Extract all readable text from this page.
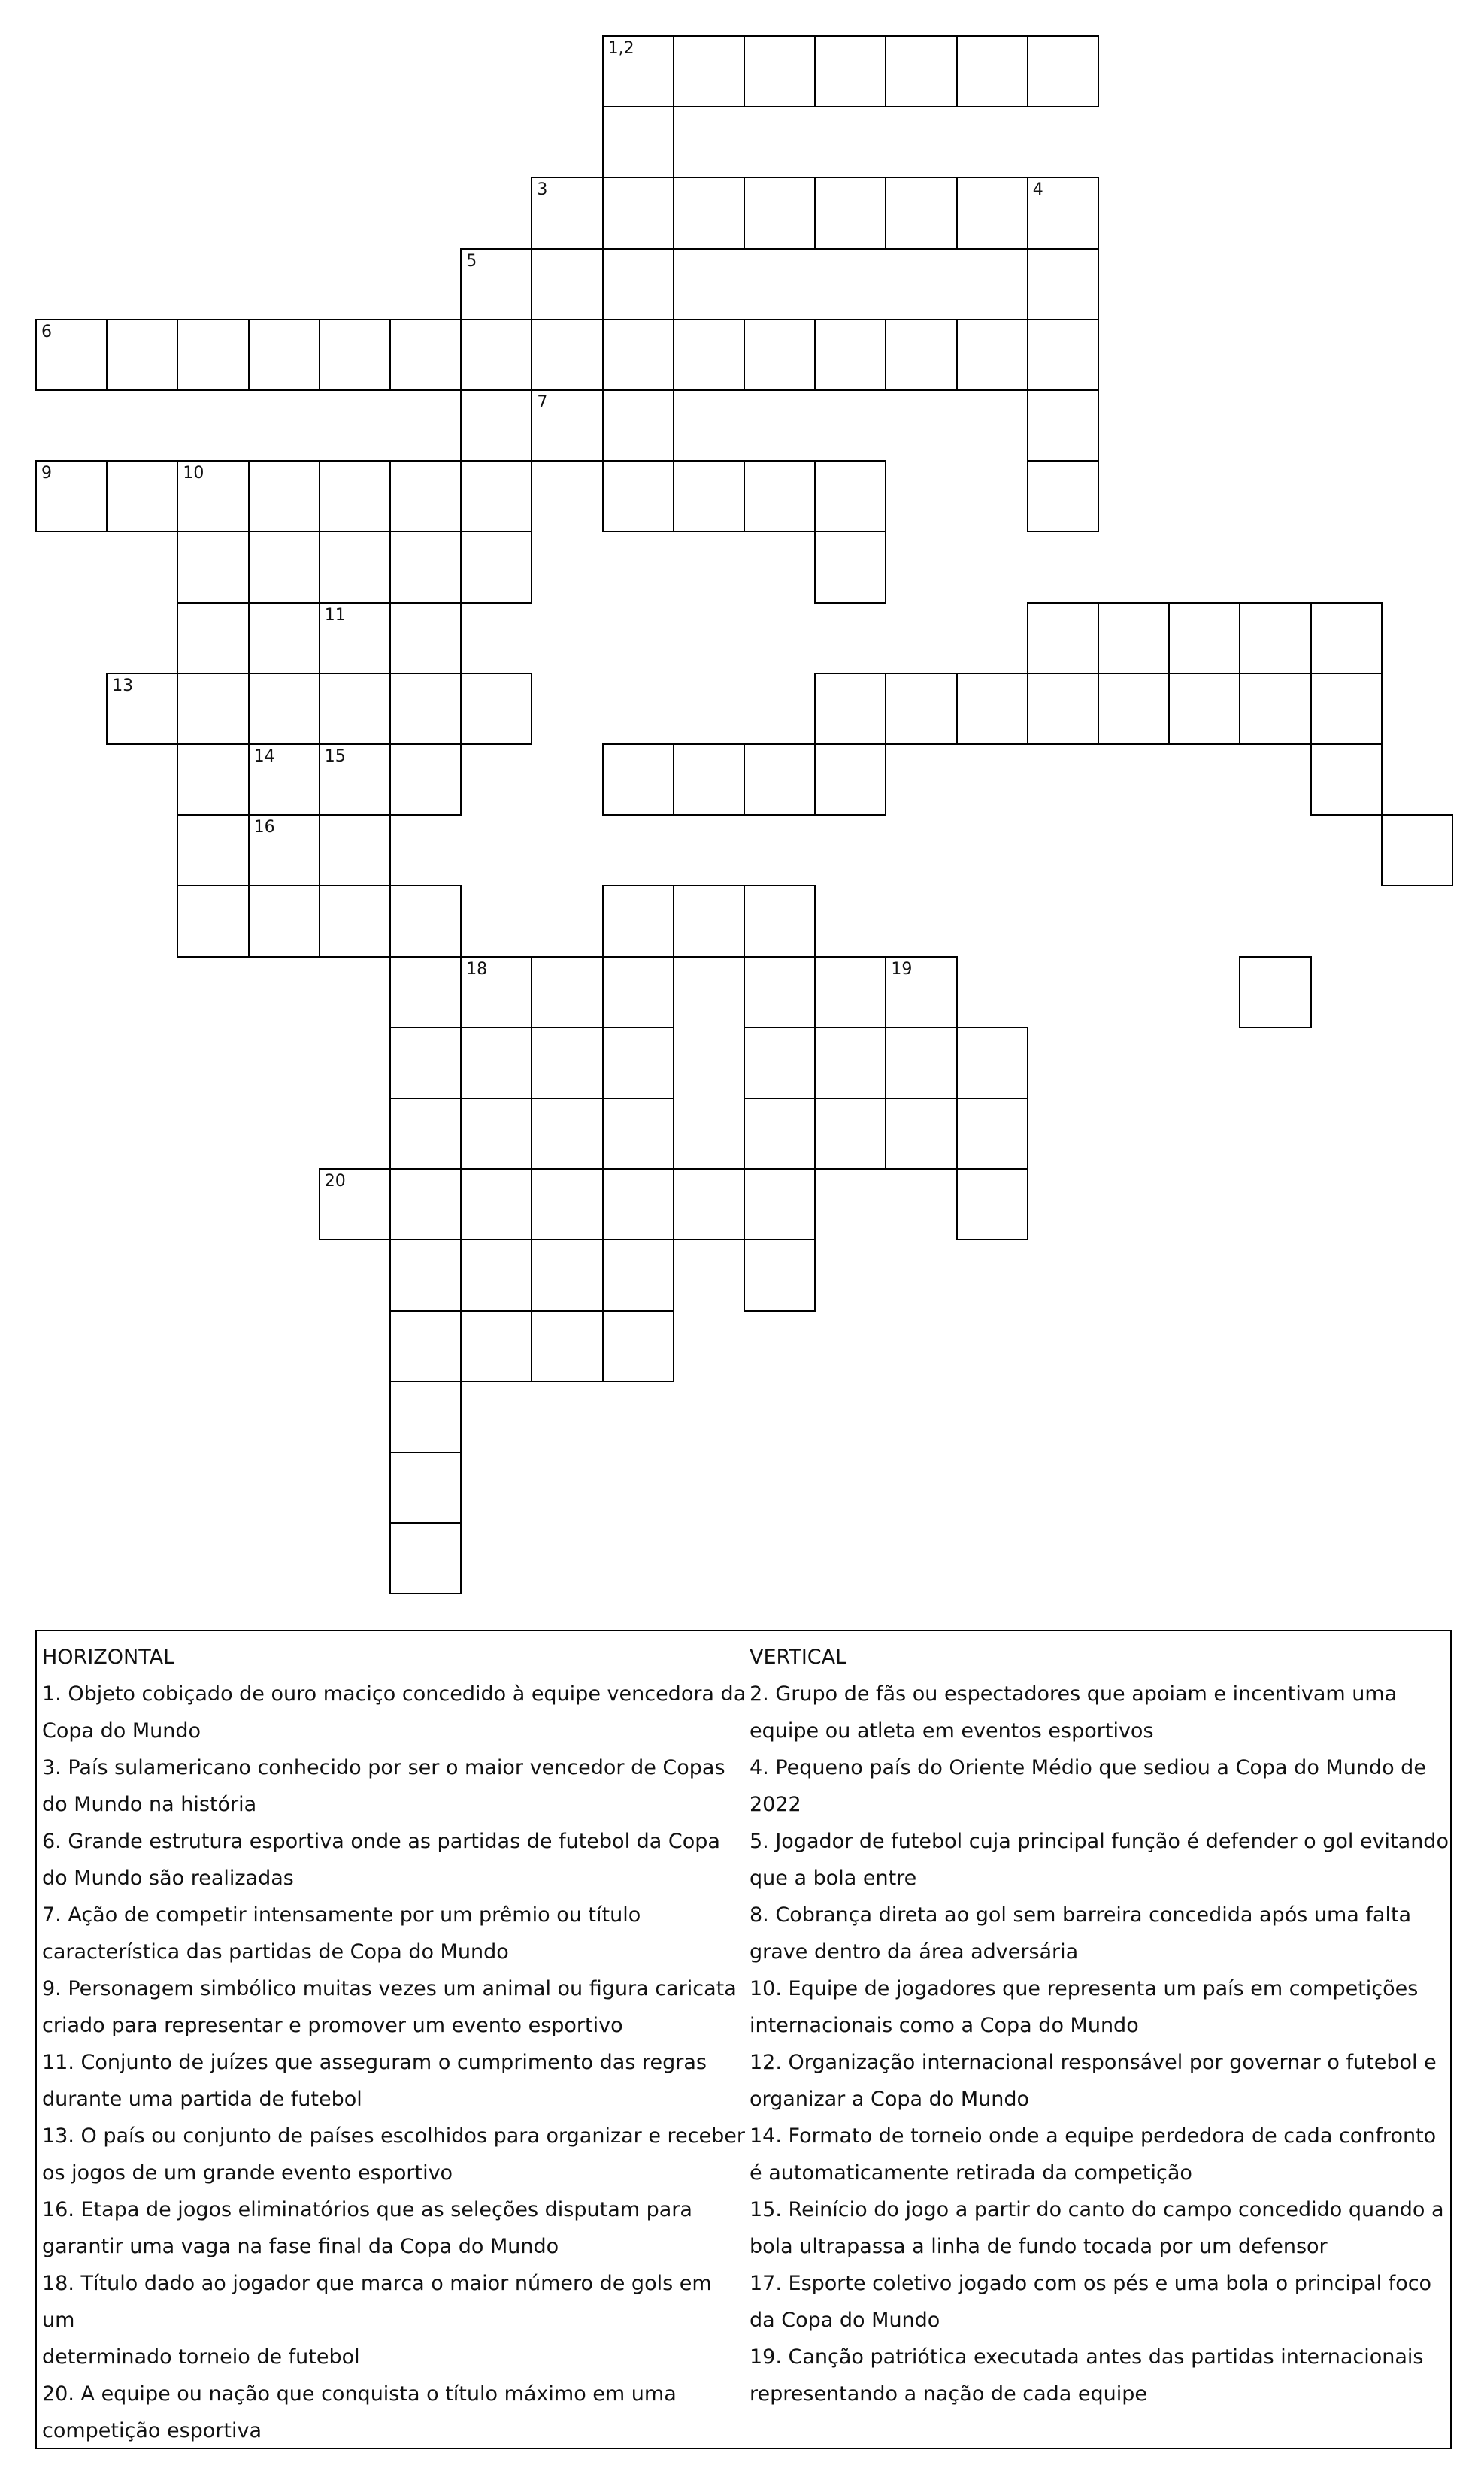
1,2
3	4
5
6
7
9	10
11
13
14	15
16
18	19
20
HORIZONTAL
1. Objeto cobiçado de ouro maciço concedido à equipe vencedora da
Copa do Mundo
3. País sulamericano conhecido por ser o maior vencedor de Copas
do Mundo na história
6. Grande estrutura esportiva onde as partidas de futebol da Copa
do Mundo são realizadas
7. Ação de competir intensamente por um prêmio ou título
característica das partidas de Copa do Mundo
9. Personagem simbólico muitas vezes um animal ou figura caricata
criado para representar e promover um evento esportivo
11. Conjunto de juízes que asseguram o cumprimento das regras
durante uma partida de futebol
13. O país ou conjunto de países escolhidos para organizar e receber
os jogos de um grande evento esportivo
16. Etapa de jogos eliminatórios que as seleções disputam para
garantir uma vaga na fase final da Copa do Mundo
18. Título dado ao jogador que marca o maior número de gols em um
determinado torneio de futebol
20. A equipe ou nação que conquista o título máximo em uma
competição esportiva
VERTICAL
2. Grupo de fãs ou espectadores que apoiam e incentivam uma
equipe ou atleta em eventos esportivos
4. Pequeno país do Oriente Médio que sediou a Copa do Mundo de
2022
5. Jogador de futebol cuja principal função é defender o gol evitando
que a bola entre
8. Cobrança direta ao gol sem barreira concedida após uma falta
grave dentro da área adversária
10. Equipe de jogadores que representa um país em competições
internacionais como a Copa do Mundo
12. Organização internacional responsável por governar o futebol e
organizar a Copa do Mundo
14. Formato de torneio onde a equipe perdedora de cada confronto
é automaticamente retirada da competição
15. Reinício do jogo a partir do canto do campo concedido quando a
bola ultrapassa a linha de fundo tocada por um defensor
17. Esporte coletivo jogado com os pés e uma bola o principal foco
da Copa do Mundo
19. Canção patriótica executada antes das partidas internacionais
representando a nação de cada equipe
